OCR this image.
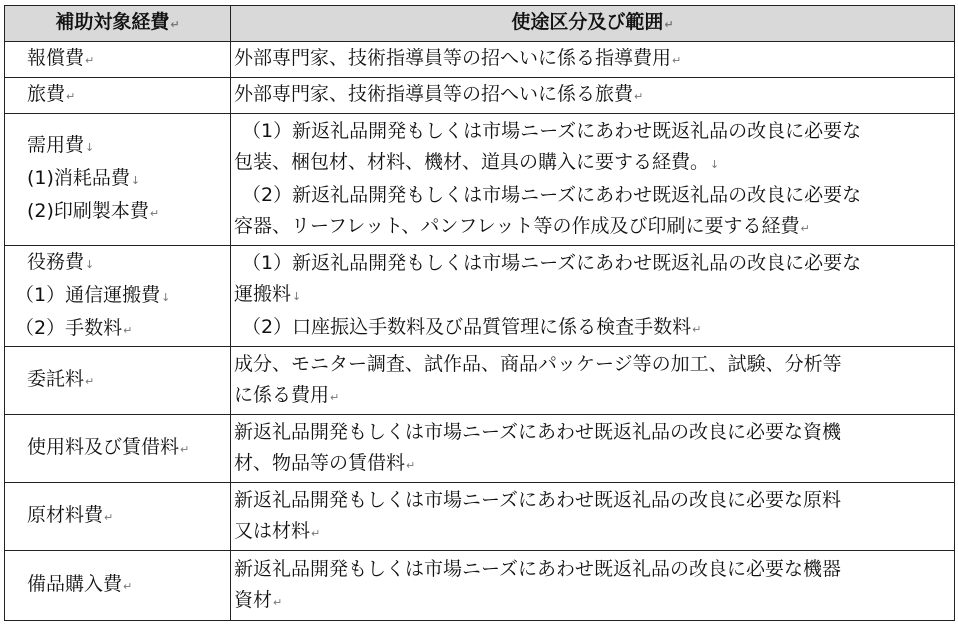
補助対象経費↵	使途区分及び範囲↵

報償費↵	外部専門家、技術指導員等の招へいに係る指導費用↵

旅費↵	外部専門家、技術指導員等の招へいに係る旅費↵

需用費↓
(1)消耗品費↓
(2)印刷製本費↵	（1）新返礼品開発もしくは市場ニーズにあわせ既返礼品の改良に必要な
包装、梱包材、材料、機材、道具の購入に要する経費。↓
（2）新返礼品開発もしくは市場ニーズにあわせ既返礼品の改良に必要な
容器、リーフレット、パンフレット等の作成及び印刷に要する経費↵

役務費↓
（1）通信運搬費↓
（2）手数料↵	（1）新返礼品開発もしくは市場ニーズにあわせ既返礼品の改良に必要な
運搬料↓
（2）口座振込手数料及び品質管理に係る検査手数料↵

委託料↵	成分、モニター調査、試作品、商品パッケージ等の加工、試験、分析等
に係る費用↵

使用料及び賃借料↵	新返礼品開発もしくは市場ニーズにあわせ既返礼品の改良に必要な資機
材、物品等の賃借料↵

原材料費↵	新返礼品開発もしくは市場ニーズにあわせ既返礼品の改良に必要な原料
又は材料↵

備品購入費↵	新返礼品開発もしくは市場ニーズにあわせ既返礼品の改良に必要な機器
資材↵
